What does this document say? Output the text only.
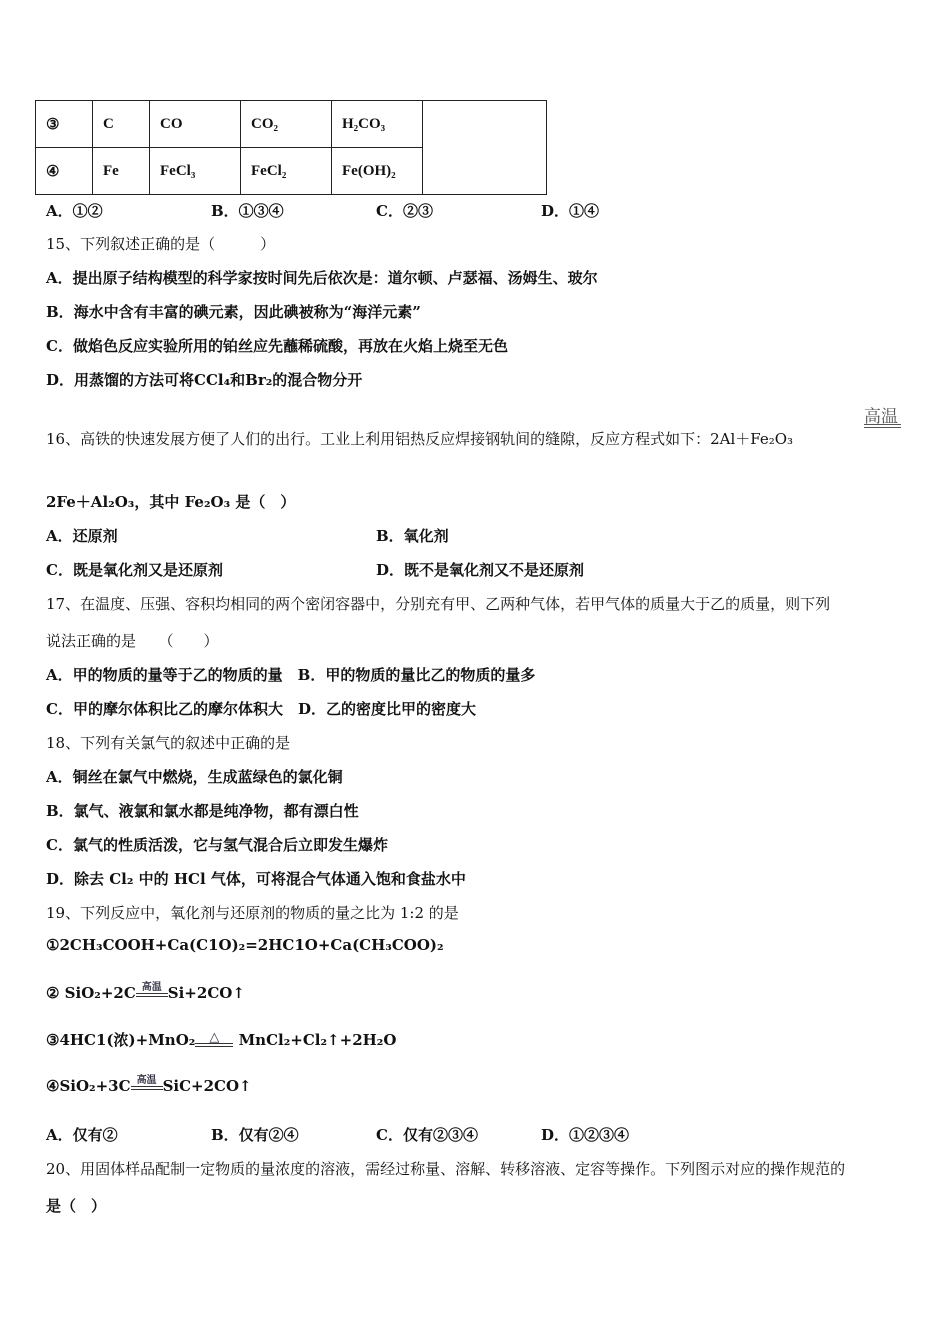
③	C	CO	CO₂	H₂CO₃	
④	Fe	FeCl₃	FeCl₂	Fe(OH)₂	
A．①②	B．①③④	C．②③	D．①④
15、下列叙述正确的是（　　　）
A．提出原子结构模型的科学家按时间先后依次是：道尔顿、卢瑟福、汤姆生、玻尔
B．海水中含有丰富的碘元素，因此碘被称为“海洋元素”
C．做焰色反应实验所用的铂丝应先蘸稀硫酸，再放在火焰上烧至无色
D．用蒸馏的方法可将CCl₄和Br₂的混合物分开
高温
16、高铁的快速发展方便了人们的出行。工业上利用铝热反应焊接钢轨间的缝隙，反应方程式如下：2Al＋Fe₂O₃
2Fe＋Al₂O₃，其中 Fe₂O₃ 是（　）
A．还原剂	B．氧化剂
C．既是氧化剂又是还原剂	D．既不是氧化剂又不是还原剂
17、在温度、压强、容积均相同的两个密闭容器中，分别充有甲、乙两种气体，若甲气体的质量大于乙的质量，则下列
说法正确的是　　（　　）
A．甲的物质的量等于乙的物质的量　B．甲的物质的量比乙的物质的量多
C．甲的摩尔体积比乙的摩尔体积大　D．乙的密度比甲的密度大
18、下列有关氯气的叙述中正确的是
A．铜丝在氯气中燃烧，生成蓝绿色的氯化铜
B．氯气、液氯和氯水都是纯净物，都有漂白性
C．氯气的性质活泼，它与氢气混合后立即发生爆炸
D．除去 Cl₂ 中的 HCl 气体，可将混合气体通入饱和食盐水中
19、下列反应中，氧化剂与还原剂的物质的量之比为 1:2 的是
①2CH₃COOH+Ca(C1O)₂=2HC1O+Ca(CH₃COO)₂
② SiO₂+2C 高温 Si+2CO↑
③4HC1(浓)+MnO₂	△ MnCl₂+Cl₂↑+2H₂O
④SiO₂+3C 高温 SiC+2CO↑
A．仅有②	B．仅有②④	C．仅有②③④	D．①②③④
20、用固体样品配制一定物质的量浓度的溶液，需经过称量、溶解、转移溶液、定容等操作。下列图示对应的操作规范的
是（　）
